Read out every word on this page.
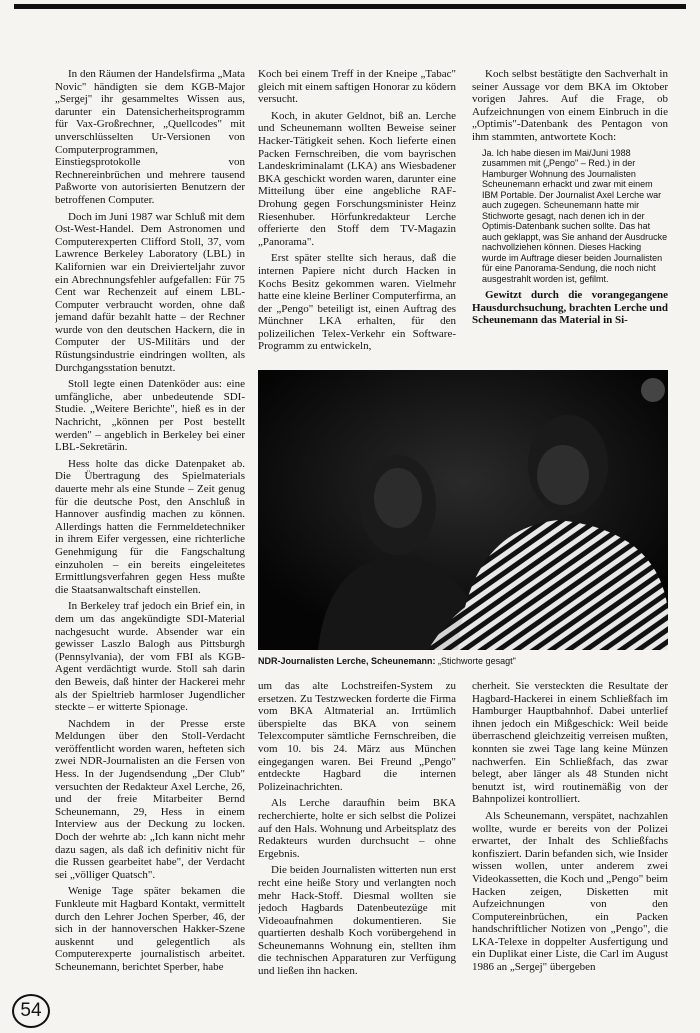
In den Räumen der Handelsfirma „Mata Novic" händigten sie dem KGB-Major „Sergej" ihr gesammeltes Wissen aus, darunter ein Datensicherheitsprogramm für Vax-Großrechner, „Quellcodes" mit unverschlüsselten Ur-Versionen von Computerprogrammen, Einstiegsprotokolle von Rechnereinbrüchen und mehrere tausend Paßworte von autorisierten Benutzern der betroffenen Computer.

Doch im Juni 1987 war Schluß mit dem Ost-West-Handel. Dem Astronomen und Computerexperten Clifford Stoll, 37, vom Lawrence Berkeley Laboratory (LBL) in Kalifornien war ein Dreivierteljahr zuvor ein Abrechnungsfehler aufgefallen: Für 75 Cent war Rechenzeit auf einem LBL-Computer verbraucht worden, ohne daß jemand dafür bezahlt hatte – der Rechner wurde von den deutschen Hackern, die in Computer der US-Militärs und der Rüstungsindustrie eindringen wollten, als Durchgangsstation benutzt.

Stoll legte einen Datenköder aus: eine umfängliche, aber unbedeutende SDI-Studie. „Weitere Berichte", hieß es in der Nachricht, „können per Post bestellt werden" – angeblich in Berkeley bei einer LBL-Sekretärin.

Hess holte das dicke Datenpaket ab. Die Übertragung des Spielmaterials dauerte mehr als eine Stunde – Zeit genug für die deutsche Post, den Anschluß in Hannover ausfindig machen zu können. Allerdings hatten die Fernmeldetechniker in ihrem Eifer vergessen, eine richterliche Genehmigung für die Fangschaltung einzuholen – ein bereits eingeleitetes Ermittlungsverfahren gegen Hess mußte die Staatsanwaltschaft einstellen.

In Berkeley traf jedoch ein Brief ein, in dem um das angekündigte SDI-Material nachgesucht wurde. Absender war ein gewisser Laszlo Balogh aus Pittsburgh (Pennsylvania), der vom FBI als KGB-Agent verdächtigt wurde. Stoll sah darin den Beweis, daß hinter der Hackerei mehr als der Spieltrieb harmloser Jugendlicher steckte – er witterte Spionage.

Nachdem in der Presse erste Meldungen über den Stoll-Verdacht veröffentlicht worden waren, hefteten sich zwei NDR-Journalisten an die Fersen von Hess. In der Jugendsendung „Der Club" versuchten der Redakteur Axel Lerche, 26, und der freie Mitarbeiter Bernd Scheunemann, 29, Hess in einem Interview aus der Deckung zu locken. Doch der wehrte ab: „Ich kann nicht mehr dazu sagen, als daß ich definitiv nicht für die Russen gearbeitet habe", der Verdacht sei „völliger Quatsch".

Wenige Tage später bekamen die Funkleute mit Hagbard Kontakt, vermittelt durch den Lehrer Jochen Sperber, 46, der sich in der hannoverschen Hakker-Szene auskennt und gelegentlich als Computerexperte journalistisch arbeitet. Scheunemann, berichtet Sperber, habe

Koch bei einem Treff in der Kneipe „Tabac" gleich mit einem saftigen Honorar zu ködern versucht.

Koch, in akuter Geldnot, biß an. Lerche und Scheunemann wollten Beweise seiner Hacker-Tätigkeit sehen. Koch lieferte einen Packen Fernschreiben, die vom bayrischen Landeskriminalamt (LKA) ans Wiesbadener BKA geschickt worden waren, darunter eine Mitteilung über eine angebliche RAF-Drohung gegen Forschungsminister Heinz Riesenhuber. Hörfunkredakteur Lerche offerierte den Stoff dem TV-Magazin „Panorama".

Erst später stellte sich heraus, daß die internen Papiere nicht durch Hacken in Kochs Besitz gekommen waren. Vielmehr hatte eine kleine Berliner Computerfirma, an der „Pengo" beteiligt ist, einen Auftrag des Münchner LKA erhalten, für den polizeilichen Telex-Verkehr ein Software-Programm zu entwickeln,

Koch selbst bestätigte den Sachverhalt in seiner Aussage vor dem BKA im Oktober vorigen Jahres. Auf die Frage, ob Aufzeichnungen von einem Einbruch in die „Optimis"-Datenbank des Pentagon von ihm stammten, antwortete Koch:

Ja. Ich habe diesen im Mai/Juni 1988 zusammen mit („Pengo" – Red.) in der Hamburger Wohnung des Journalisten Scheunemann erhackt und zwar mit einem IBM Portable. Der Journalist Axel Lerche war auch zugegen. Scheunemann hatte mir Stichworte gesagt, nach denen ich in der Optimis-Datenbank suchen sollte. Das hat auch geklappt, was Sie anhand der Ausdrucke nachvollziehen können. Dieses Hacking wurde im Auftrage dieser beiden Journalisten für eine Panorama-Sendung, die noch nicht ausgestrahlt worden ist, gefilmt.

Gewitzt durch die vorangegangene Hausdurchsuchung, brachten Lerche und Scheunemann das Material in Si-

NDR-Journalisten Lerche, Scheunemann: „Stichworte gesagt"

um das alte Lochstreifen-System zu ersetzen. Zu Testzwecken forderte die Firma vom BKA Altmaterial an. Irrtümlich überspielte das BKA von seinem Telexcomputer sämtliche Fernschreiben, die vom 10. bis 24. März aus München eingegangen waren. Bei Freund „Pengo" entdeckte Hagbard die internen Polizeinachrichten.

Als Lerche daraufhin beim BKA recherchierte, holte er sich selbst die Polizei auf den Hals. Wohnung und Arbeitsplatz des Redakteurs wurden durchsucht – ohne Ergebnis.

Die beiden Journalisten witterten nun erst recht eine heiße Story und verlangten noch mehr Hack-Stoff. Diesmal wollten sie jedoch Hagbards Datenbeutezüge mit Videoaufnahmen dokumentieren. Sie quartierten deshalb Koch vorübergehend in Scheunemanns Wohnung ein, stellten ihm die technischen Apparaturen zur Verfügung und ließen ihn hacken.

cherheit. Sie versteckten die Resultate der Hagbard-Hackerei in einem Schließfach im Hamburger Hauptbahnhof. Dabei unterlief ihnen jedoch ein Mißgeschick: Weil beide überraschend gleichzeitig verreisen mußten, konnten sie zwei Tage lang keine Münzen nachwerfen. Ein Schließfach, das zwar belegt, aber länger als 48 Stunden nicht benutzt ist, wird routinemäßig von der Bahnpolizei kontrolliert.

Als Scheunemann, verspätet, nachzahlen wollte, wurde er bereits von der Polizei erwartet, der Inhalt des Schließfachs konfisziert. Darin befanden sich, wie Insider wissen wollen, unter anderem zwei Videokassetten, die Koch und „Pengo" beim Hacken zeigen, Disketten mit Aufzeichnungen von den Computereinbrüchen, ein Packen handschriftlicher Notizen von „Pengo", die LKA-Telexe in doppelter Ausfertigung und ein Duplikat einer Liste, die Carl im August 1986 an „Sergej" übergeben

54
